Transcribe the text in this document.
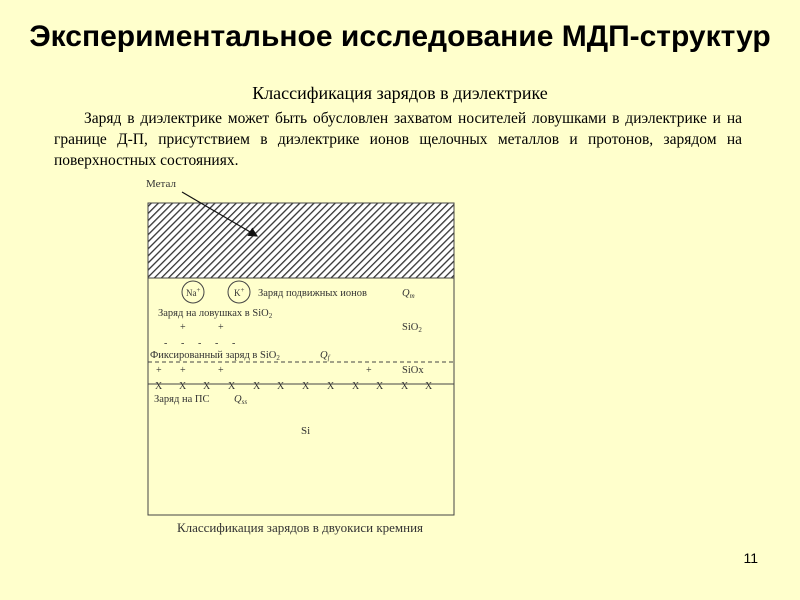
Экспериментальное исследование МДП-структур
Классификация зарядов в диэлектрике
Заряд в диэлектрике может быть обусловлен захватом носителей ловушками в диэлектрике и на границе Д-П, присутствием в диэлектрике ионов щелочных металлов и протонов, зарядом на поверхностных состояниях.
Метал
Na+	K+ Заряд подвижных ионов	Qm
Заряд на ловушках в SiO2
+	+	SiO2
- - - - -
Фиксированный заряд в SiO2	Qf
+ +	+	+	SiOx
X X X X X X X X X X X X
Заряд на ПС Qss
Si
Классификация зарядов в двуокиси кремния
11
